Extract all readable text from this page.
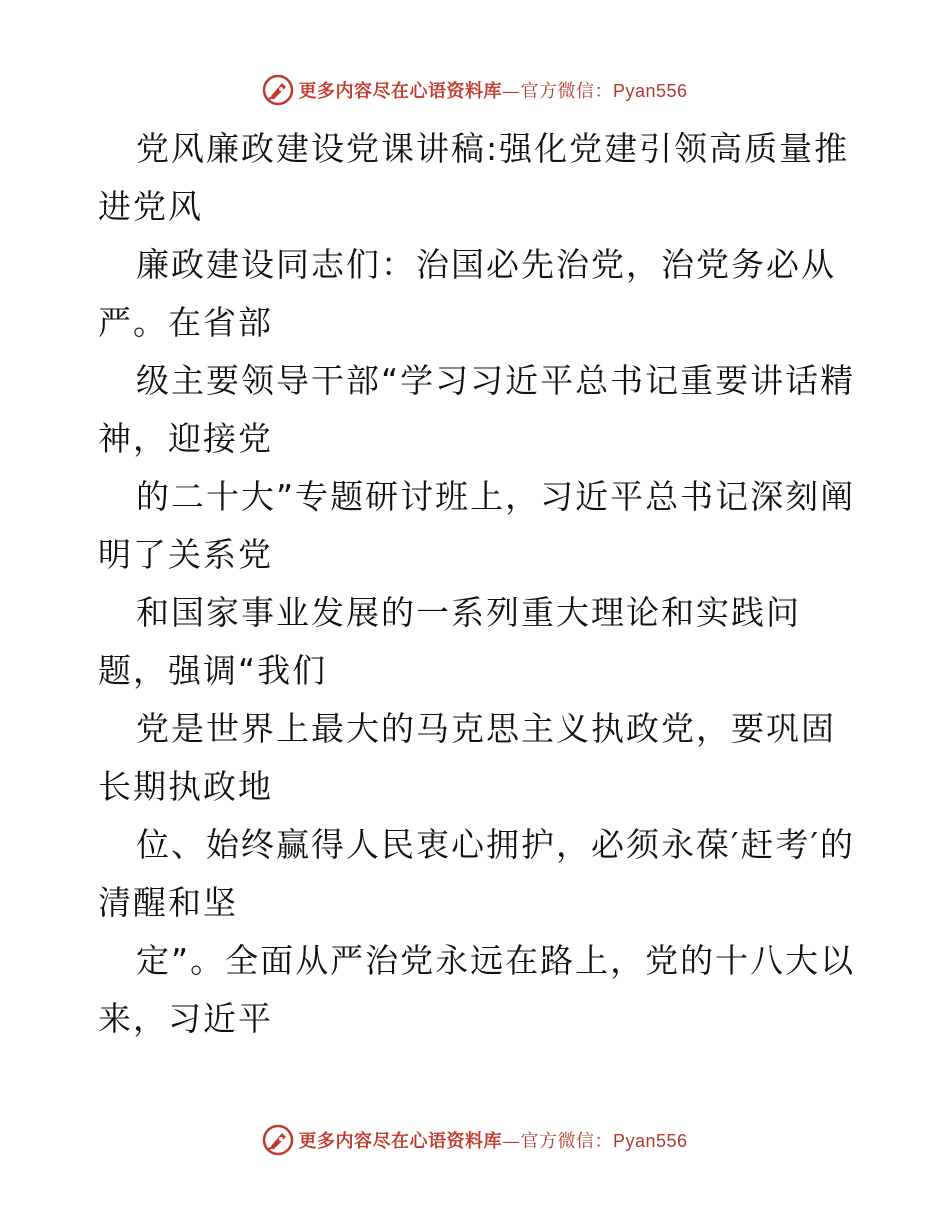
更多内容尽在心语资料库—官方微信：Pyan556

党风廉政建设党课讲稿:强化党建引领高质量推进党风

廉政建设同志们：治国必先治党，治党务必从严。在省部

级主要领导干部“学习习近平总书记重要讲话精神，迎接党

的二十大”专题研讨班上，习近平总书记深刻阐明了关系党

和国家事业发展的一系列重大理论和实践问题，强调“我们

党是世界上最大的马克思主义执政党，要巩固长期执政地

位、始终赢得人民衷心拥护，必须永葆′赶考′的清醒和坚

定”。全面从严治党永远在路上，党的十八大以来，习近平

更多内容尽在心语资料库—官方微信：Pyan556
